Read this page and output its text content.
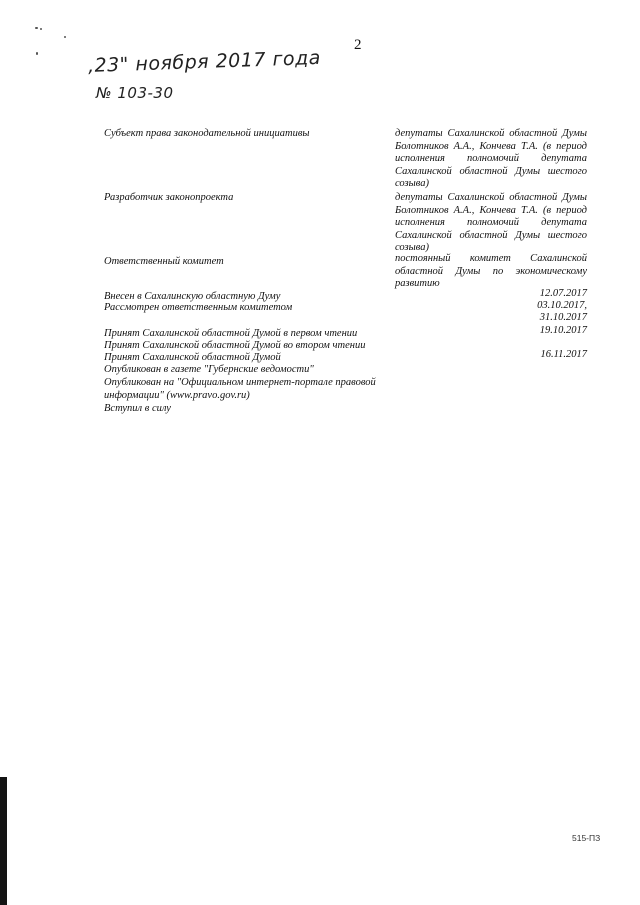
2
,23" ноября 2017 года
№ 103-30
Субъект права законодательной инициативы	депутаты Сахалинской областной Думы Болотников А.А., Кончева Т.А. (в период исполнения полномочий депутата Сахалинской областной Думы шестого созыва)
Разработчик законопроекта	депутаты Сахалинской областной Думы Болотников А.А., Кончева Т.А. (в период исполнения полномочий депутата Сахалинской областной Думы шестого созыва)
Ответственный комитет	постоянный комитет Сахалинской областной Думы по экономическому развитию
Внесен в Сахалинскую областную Думу	12.07.2017
Рассмотрен ответственным комитетом	03.10.2017,
31.10.2017
Принят Сахалинской областной Думой в первом чтении	19.10.2017
Принят Сахалинской областной Думой во втором чтении
Принят Сахалинской областной Думой	16.11.2017
Опубликован в газете "Губернские ведомости"
Опубликован на "Официальном интернет-портале правовой информации" (www.pravo.gov.ru)
Вступил в силу
515-ПЗ
